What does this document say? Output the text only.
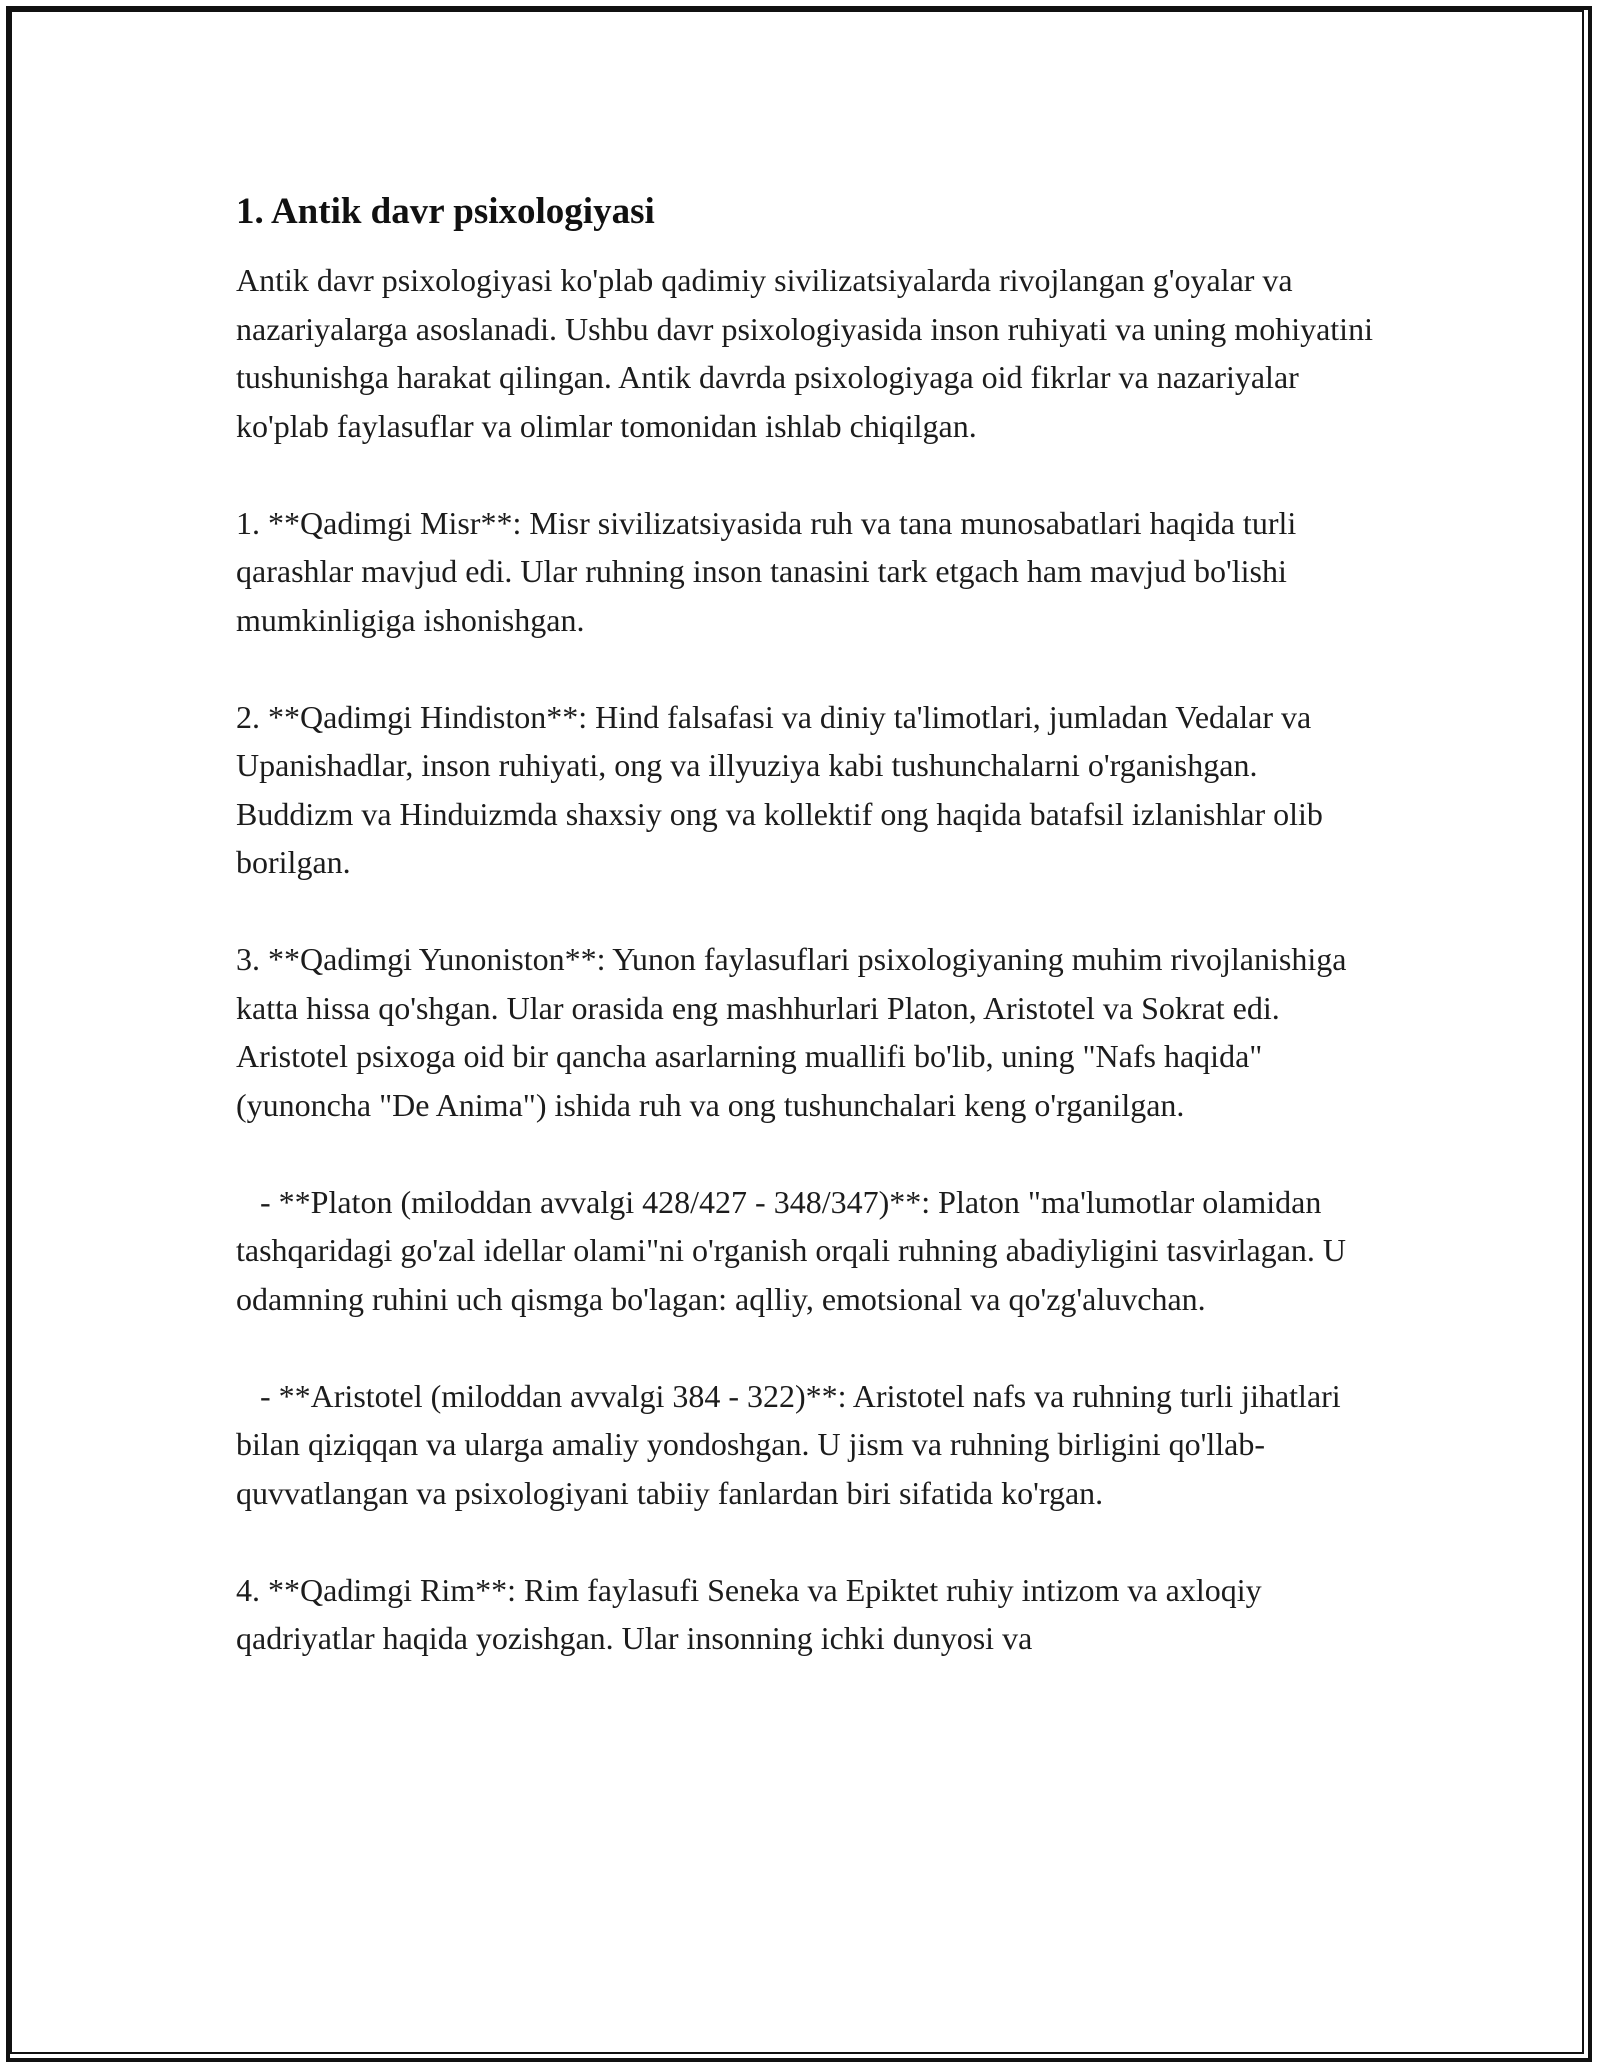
1. Antik davr psixologiyasi

Antik davr psixologiyasi ko'plab qadimiy sivilizatsiyalarda rivojlangan g'oyalar va nazariyalarga asoslanadi. Ushbu davr psixologiyasida inson ruhiyati va uning mohiyatini tushunishga harakat qilingan. Antik davrda psixologiyaga oid fikrlar va nazariyalar ko'plab faylasuflar va olimlar tomonidan ishlab chiqilgan.

1. **Qadimgi Misr**: Misr sivilizatsiyasida ruh va tana munosabatlari haqida turli qarashlar mavjud edi. Ular ruhning inson tanasini tark etgach ham mavjud bo'lishi mumkinligiga ishonishgan.

2. **Qadimgi Hindiston**: Hind falsafasi va diniy ta'limotlari, jumladan Vedalar va Upanishadlar, inson ruhiyati, ong va illyuziya kabi tushunchalarni o'rganishgan. Buddizm va Hinduizmda shaxsiy ong va kollektif ong haqida batafsil izlanishlar olib borilgan.

3. **Qadimgi Yunoniston**: Yunon faylasuflari psixologiyaning muhim rivojlanishiga katta hissa qo'shgan. Ular orasida eng mashhurlari Platon, Aristotel va Sokrat edi. Aristotel psixoga oid bir qancha asarlarning muallifi bo'lib, uning "Nafs haqida" (yunoncha "De Anima") ishida ruh va ong tushunchalari keng o'rganilgan.

- **Platon (miloddan avvalgi 428/427 - 348/347)**: Platon "ma'lumotlar olamidan tashqaridagi go'zal idellar olami"ni o'rganish orqali ruhning abadiyligini tasvirlagan. U odamning ruhini uch qismga bo'lagan: aqlliy, emotsional va qo'zg'aluvchan.

- **Aristotel (miloddan avvalgi 384 - 322)**: Aristotel nafs va ruhning turli jihatlari bilan qiziqqan va ularga amaliy yondoshgan. U jism va ruhning birligini qo'llab-quvvatlangan va psixologiyani tabiiy fanlardan biri sifatida ko'rgan.

4. **Qadimgi Rim**: Rim faylasufi Seneka va Epiktet ruhiy intizom va axloqiy qadriyatlar haqida yozishgan. Ular insonning ichki dunyosi va
